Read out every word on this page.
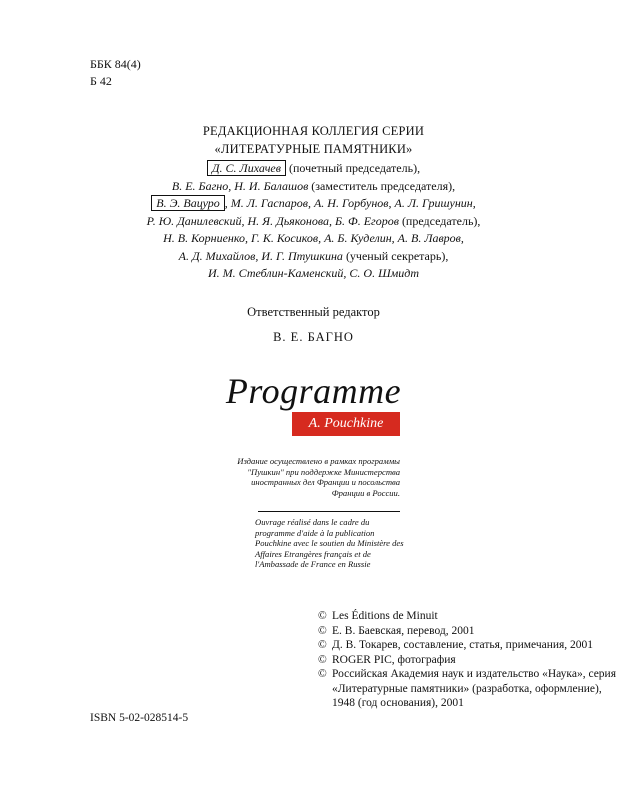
ББК 84(4)
Б 42
РЕДАКЦИОННАЯ КОЛЛЕГИЯ СЕРИИ
«ЛИТЕРАТУРНЫЕ ПАМЯТНИКИ»
Д. С. Лихачев (почетный председатель),
В. Е. Багно, Н. И. Балашов (заместитель председателя),
В. Э. Вацуро , М. Л. Гаспаров, А. Н. Горбунов, А. Л. Гришунин,
Р. Ю. Данилевский, Н. Я. Дьяконова, Б. Ф. Егоров (председатель),
Н. В. Корниенко, Г. К. Косиков, А. Б. Куделин, А. В. Лавров,
А. Д. Михайлов, И. Г. Птушкина (ученый секретарь),
И. М. Стеблин-Каменский, С. О. Шмидт
Ответственный редактор
В. Е. БАГНО
Programme
A. Pouchkine
Издание осуществлено в рамках программы "Пушкин" при поддержке Министерства иностранных дел Франции и посольства Франции в России.
Ouvrage réalisé dans le cadre du programme d'aide à la publication Pouchkine avec le soutien du Ministère des Affaires Etrangères français et de l'Ambassade de France en Russie
© Les Éditions de Minuit
© Е. В. Баевская, перевод, 2001
© Д. В. Токарев, составление, статья, примечания, 2001
© ROGER PIC, фотография
© Российская Академия наук и издательство «Наука», серия «Литературные памятники» (разработка, оформление), 1948 (год основания), 2001
ISBN 5-02-028514-5
